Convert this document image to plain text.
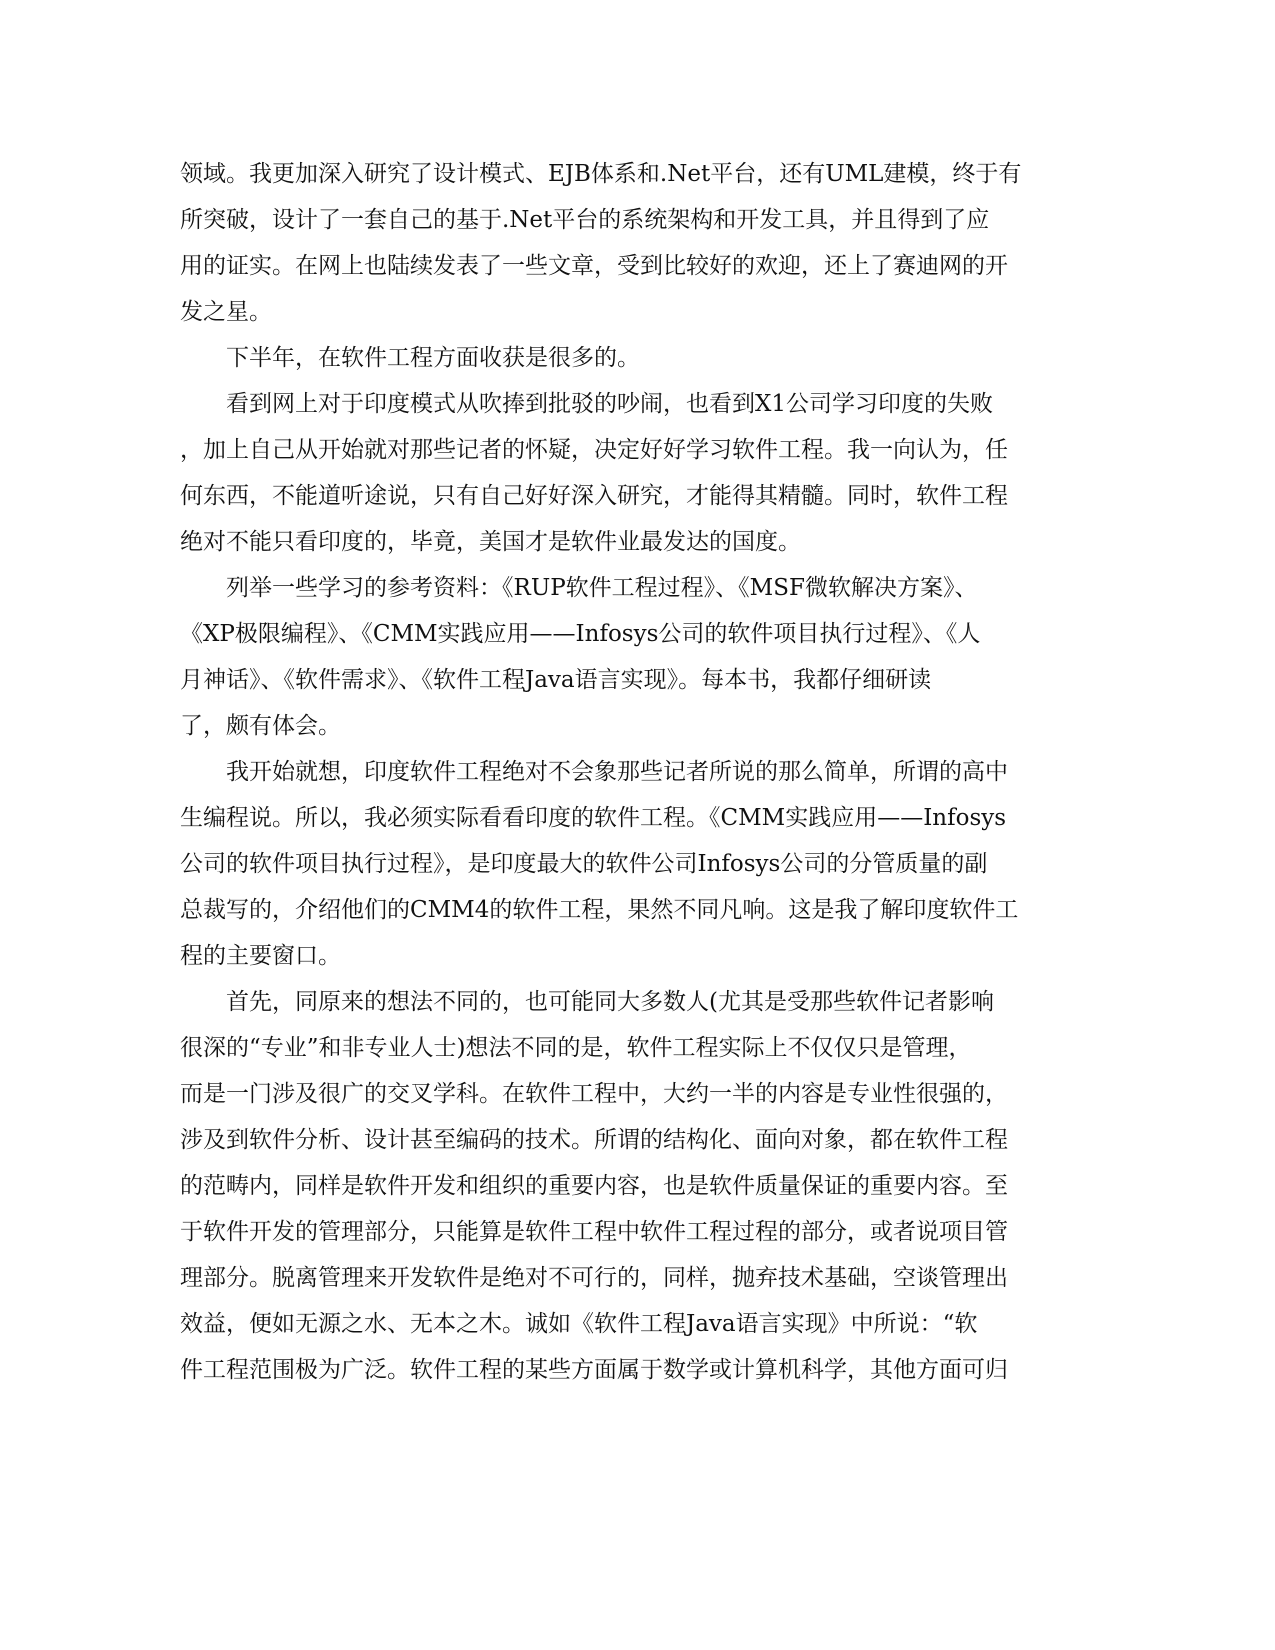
领域。我更加深入研究了设计模式、EJB体系和.Net平台，还有UML建模，终于有
所突破，设计了一套自己的基于.Net平台的系统架构和开发工具，并且得到了应
用的证实。在网上也陆续发表了一些文章，受到比较好的欢迎，还上了赛迪网的开
发之星。
下半年，在软件工程方面收获是很多的。
看到网上对于印度模式从吹捧到批驳的吵闹，也看到X1公司学习印度的失败
，加上自己从开始就对那些记者的怀疑，决定好好学习软件工程。我一向认为，任
何东西，不能道听途说，只有自己好好深入研究，才能得其精髓。同时，软件工程
绝对不能只看印度的，毕竟，美国才是软件业最发达的国度。
列举一些学习的参考资料：《RUP软件工程过程》、《MSF微软解决方案》、
《XP极限编程》、《CMM实践应用——Infosys公司的软件项目执行过程》、《人
月神话》、《软件需求》、《软件工程Java语言实现》。每本书，我都仔细研读
了，颇有体会。
我开始就想，印度软件工程绝对不会象那些记者所说的那么简单，所谓的高中
生编程说。所以，我必须实际看看印度的软件工程。《CMM实践应用——Infosys
公司的软件项目执行过程》，是印度最大的软件公司Infosys公司的分管质量的副
总裁写的，介绍他们的CMM4的软件工程，果然不同凡响。这是我了解印度软件工
程的主要窗口。
首先，同原来的想法不同的，也可能同大多数人(尤其是受那些软件记者影响
很深的“专业”和非专业人士)想法不同的是，软件工程实际上不仅仅只是管理，
而是一门涉及很广的交叉学科。在软件工程中，大约一半的内容是专业性很强的，
涉及到软件分析、设计甚至编码的技术。所谓的结构化、面向对象，都在软件工程
的范畴内，同样是软件开发和组织的重要内容，也是软件质量保证的重要内容。至
于软件开发的管理部分，只能算是软件工程中软件工程过程的部分，或者说项目管
理部分。脱离管理来开发软件是绝对不可行的，同样，抛弃技术基础，空谈管理出
效益，便如无源之水、无本之木。诚如《软件工程Java语言实现》中所说：“软
件工程范围极为广泛。软件工程的某些方面属于数学或计算机科学，其他方面可归
